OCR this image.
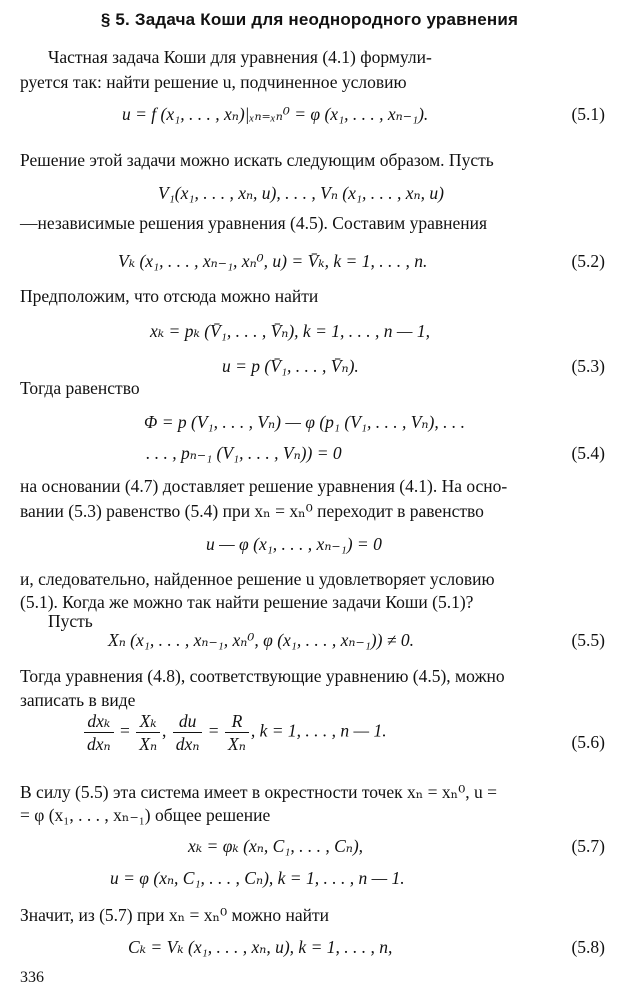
§ 5. Задача Коши для неоднородного уравнения
Частная задача Коши для уравнения (4.1) формули-
руется так: найти решение u, подчиненное условию
u = f (x₁, . . . , xₙ)|ₓₙ₌ₓₙ⁰ = φ (x₁, . . . , xₙ₋₁).	(5.1)
Решение этой задачи можно искать следующим образом. Пусть
V₁(x₁, . . . , xₙ, u), . . . , Vₙ (x₁, . . . , xₙ, u)
—независимые решения уравнения (4.5). Составим уравнения
Vₖ (x₁, . . . , xₙ₋₁, xₙ⁰, u) = V̄ₖ, k = 1, . . . , n.	(5.2)
Предположим, что отсюда можно найти
xₖ = pₖ (V̄₁, . . . , V̄ₙ), k = 1, . . . , n — 1,
u = p (V̄₁, . . . , V̄ₙ).	(5.3)
Тогда равенство
Φ = p (V₁, . . . , Vₙ) — φ (p₁ (V₁, . . . , Vₙ), . . .
. . . , pₙ₋₁ (V₁, . . . , Vₙ)) = 0	(5.4)
на основании (4.7) доставляет решение уравнения (4.1). На осно-
вании (5.3) равенство (5.4) при xₙ = xₙ⁰ переходит в равенство
u — φ (x₁, . . . , xₙ₋₁) = 0
и, следовательно, найденное решение u удовлетворяет условию
(5.1). Когда же можно так найти решение задачи Коши (5.1)?
Пусть
Xₙ (x₁, . . . , xₙ₋₁, xₙ⁰, φ (x₁, . . . , xₙ₋₁)) ≠ 0.	(5.5)
Тогда уравнения (4.8), соответствующие уравнению (4.5), можно
записать в виде
$\frac{\text{dxₖ}}{\text{dxₙ}} = \frac{\text{Xₖ}}{\text{Xₙ}}$ , $\frac{du}{\text{dxₙ}} = \frac{R}{\text{Xₙ}}$ , k = 1, . . . , n — 1.
(5.6)
В силу (5.5) эта система имеет в окрестности точек xₙ = xₙ⁰, u =
= φ (x₁, . . . , xₙ₋₁) общее решение
xₖ = φₖ (xₙ, C₁, . . . , Cₙ),	(5.7)
u = φ (xₙ, C₁, . . . , Cₙ), k = 1, . . . , n — 1.
Значит, из (5.7) при xₙ = xₙ⁰ можно найти
Cₖ = Vₖ (x₁, . . . , xₙ, u), k = 1, . . . , n,	(5.8)
336
